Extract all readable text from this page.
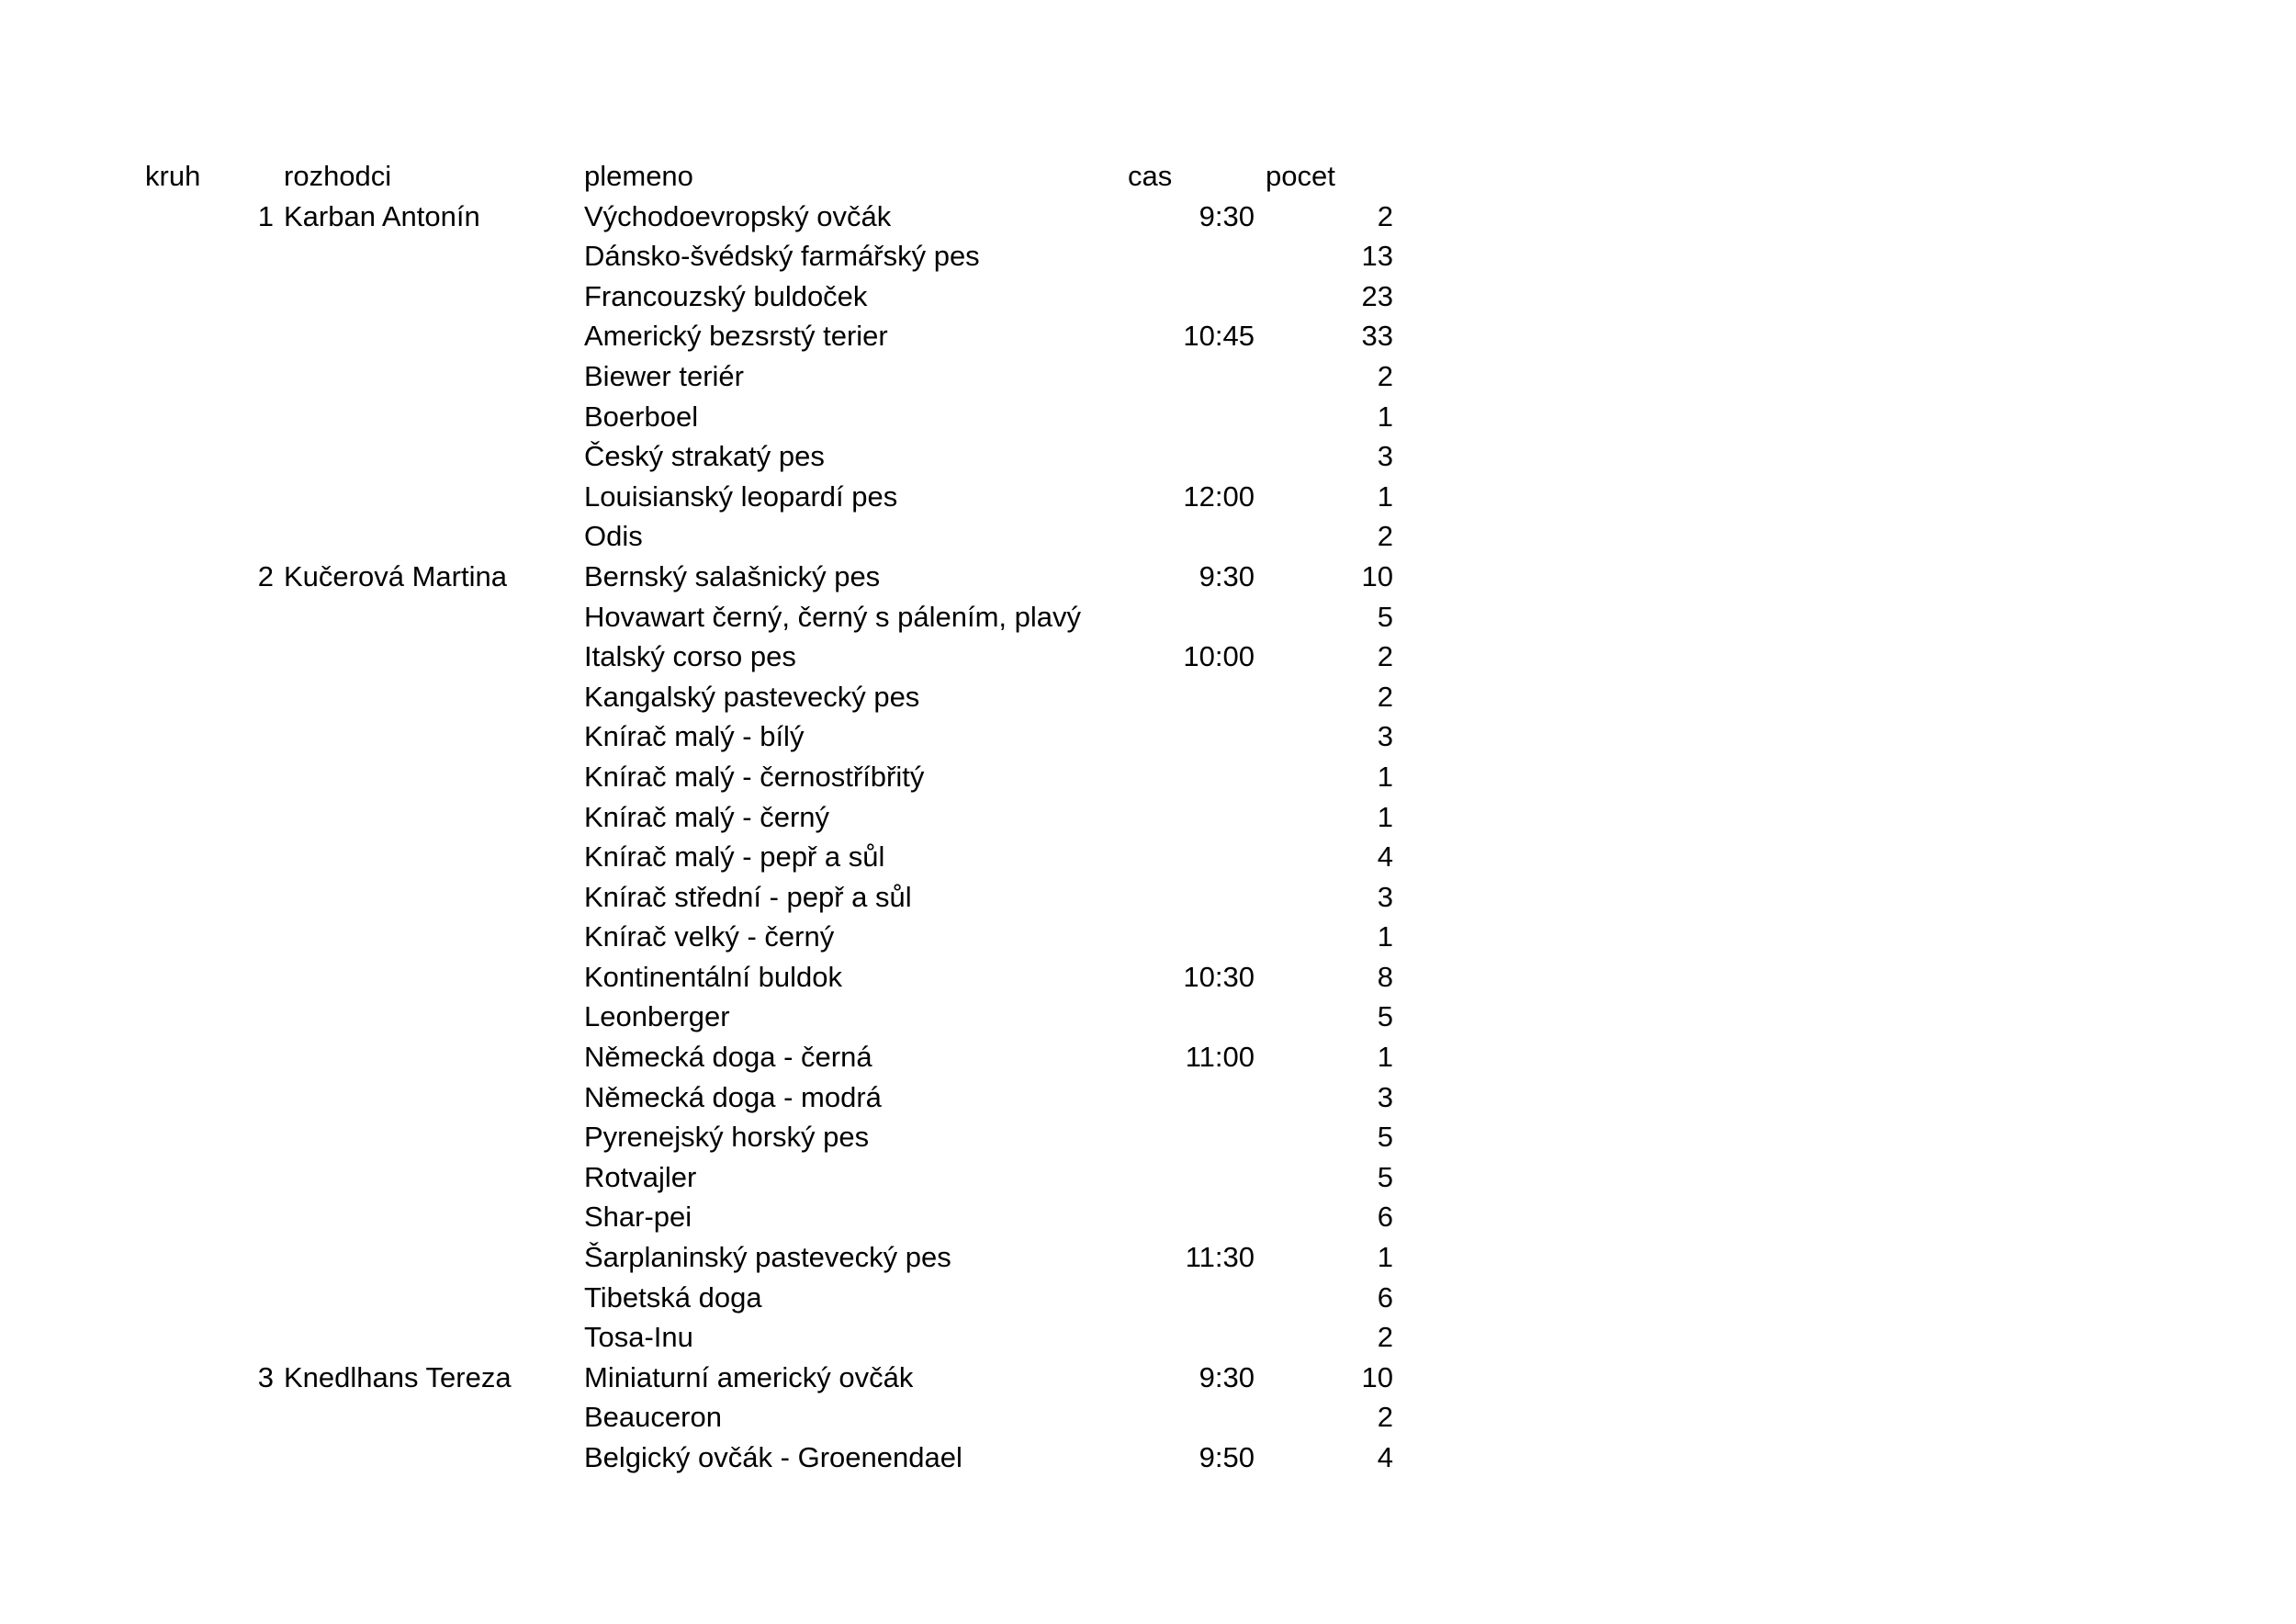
kruh	rozhodci	plemeno	cas	pocet
1 Karban Antonín	Východoevropský ovčák	9:30	2
Dánsko-švédský farmářský pes	13
Francouzský buldoček	23
Americký bezsrstý terier	10:45	33
Biewer teriér	2
Boerboel	1
Český strakatý pes	3
Louisianský leopardí pes	12:00	1
Odis	2
2 Kučerová Martina	Bernský salašnický pes	9:30	10
Hovawart černý, černý s pálením, plavý	5
Italský corso pes	10:00	2
Kangalský pastevecký pes	2
Knírač malý - bílý	3
Knírač malý - černostříbřitý	1
Knírač malý - černý	1
Knírač malý - pepř a sůl	4
Knírač střední - pepř a sůl	3
Knírač velký - černý	1
Kontinentální buldok	10:30	8
Leonberger	5
Německá doga - černá	11:00	1
Německá doga - modrá	3
Pyrenejský horský pes	5
Rotvajler	5
Shar-pei	6
Šarplaninský pastevecký pes	11:30	1
Tibetská doga	6
Tosa-Inu	2
3 Knedlhans Tereza	Miniaturní americký ovčák	9:30	10
Beauceron	2
Belgický ovčák - Groenendael	9:50	4
